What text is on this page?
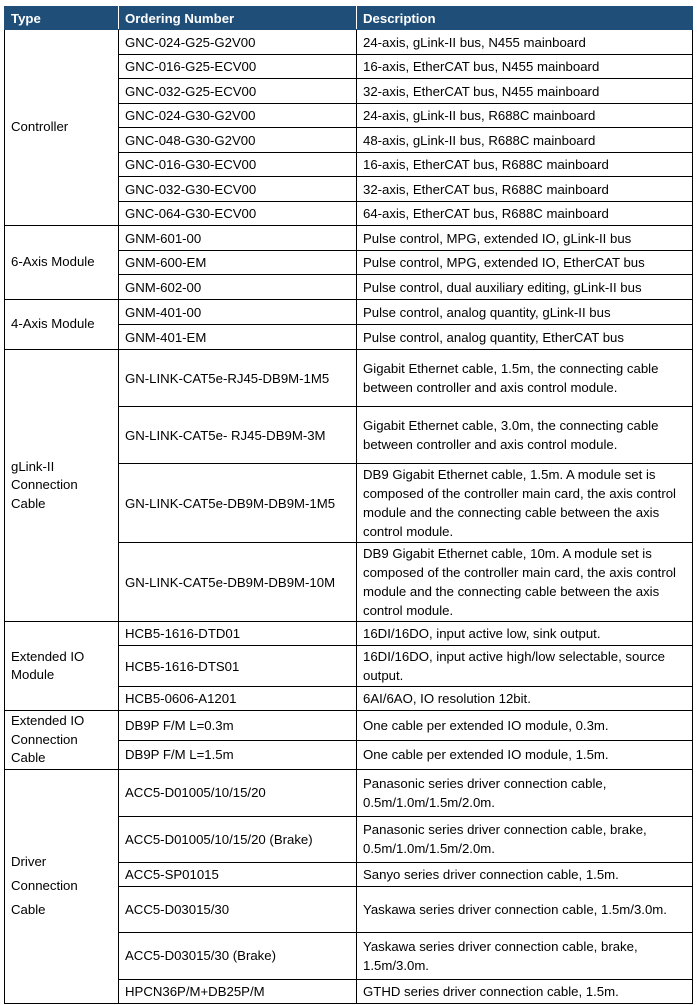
Type	Ordering Number	Description
Controller	GNC-024-G25-G2V00	24-axis, gLink-II bus, N455 mainboard
	GNC-016-G25-ECV00	16-axis, EtherCAT bus, N455 mainboard
	GNC-032-G25-ECV00	32-axis, EtherCAT bus, N455 mainboard
	GNC-024-G30-G2V00	24-axis, gLink-II bus, R688C mainboard
	GNC-048-G30-G2V00	48-axis, gLink-II bus, R688C mainboard
	GNC-016-G30-ECV00	16-axis, EtherCAT bus, R688C mainboard
	GNC-032-G30-ECV00	32-axis, EtherCAT bus, R688C mainboard
	GNC-064-G30-ECV00	64-axis, EtherCAT bus, R688C mainboard
6-Axis Module	GNM-601-00	Pulse control, MPG, extended IO, gLink-II bus
	GNM-600-EM	Pulse control, MPG, extended IO, EtherCAT bus
	GNM-602-00	Pulse control, dual auxiliary editing, gLink-II bus
4-Axis Module	GNM-401-00	Pulse control, analog quantity, gLink-II bus
	GNM-401-EM	Pulse control, analog quantity, EtherCAT bus
gLink-II Connection Cable	GN-LINK-CAT5e-RJ45-DB9M-1M5	Gigabit Ethernet cable, 1.5m, the connecting cable between controller and axis control module.
	GN-LINK-CAT5e- RJ45-DB9M-3M	Gigabit Ethernet cable, 3.0m, the connecting cable between controller and axis control module.
	GN-LINK-CAT5e-DB9M-DB9M-1M5	DB9 Gigabit Ethernet cable, 1.5m. A module set is composed of the controller main card, the axis control module and the connecting cable between the axis control module.
	GN-LINK-CAT5e-DB9M-DB9M-10M	DB9 Gigabit Ethernet cable, 10m. A module set is composed of the controller main card, the axis control module and the connecting cable between the axis control module.
Extended IO Module	HCB5-1616-DTD01	16DI/16DO, input active low, sink output.
	HCB5-1616-DTS01	16DI/16DO, input active high/low selectable, source output.
	HCB5-0606-A1201	6AI/6AO, IO resolution 12bit.
Extended IO Connection Cable	DB9P F/M L=0.3m	One cable per extended IO module, 0.3m.
	DB9P F/M L=1.5m	One cable per extended IO module, 1.5m.
Driver Connection Cable	ACC5-D01005/10/15/20	Panasonic series driver connection cable, 0.5m/1.0m/1.5m/2.0m.
	ACC5-D01005/10/15/20 (Brake)	Panasonic series driver connection cable, brake, 0.5m/1.0m/1.5m/2.0m.
	ACC5-SP01015	Sanyo series driver connection cable, 1.5m.
	ACC5-D03015/30	Yaskawa series driver connection cable, 1.5m/3.0m.
	ACC5-D03015/30 (Brake)	Yaskawa series driver connection cable, brake, 1.5m/3.0m.
	HPCN36P/M+DB25P/M	GTHD series driver connection cable, 1.5m.
